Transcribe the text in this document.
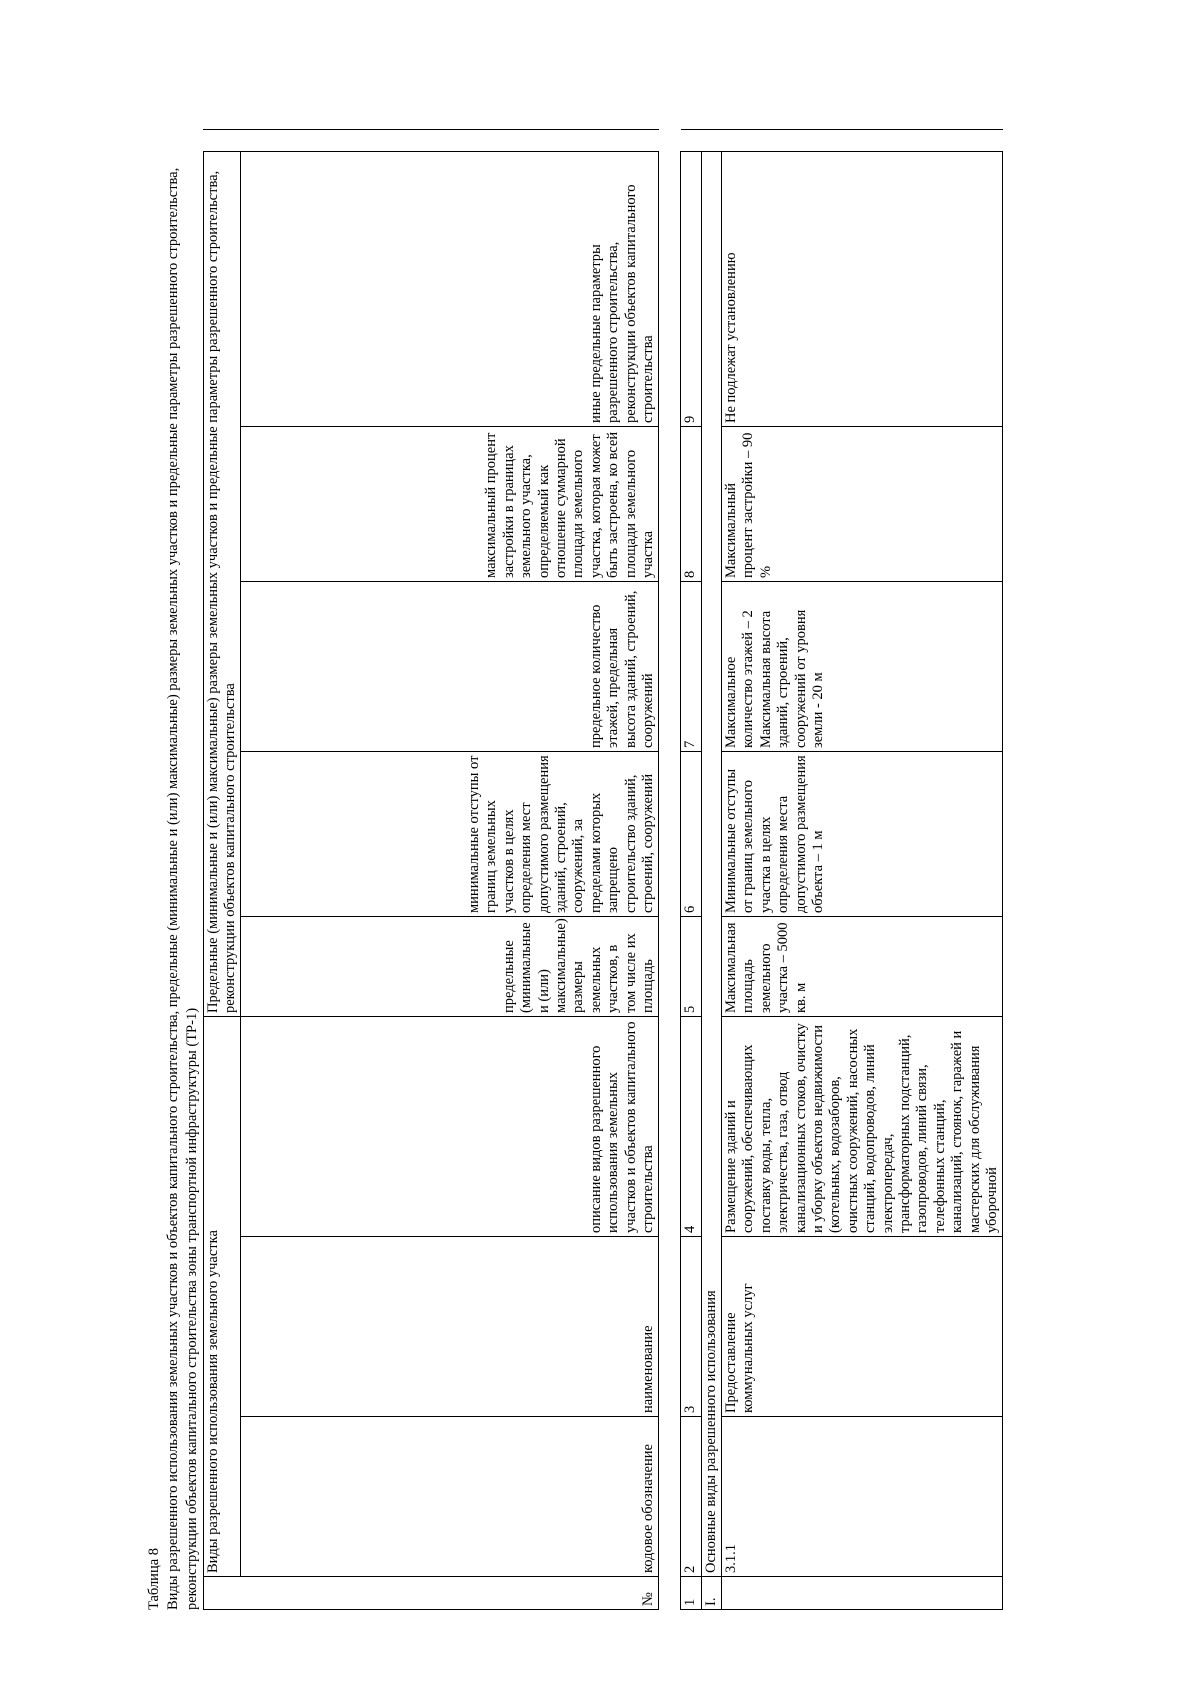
Таблица 8 Виды разрешенного использования земельных участков и объектов капитального строительства, предельные (минимальные и (или) максимальные) размеры земельных участков и предельные параметры разрешенного строительства, реконструкции объектов капитального строительства зоны транспортной инфраструктуры (ТР-1)	№	Виды разрешенного использования земельного участка			Предельные (минимальные и (или) максимальные) размеры земельных участков и предельные параметры разрешенного строительства, реконструкции объектов капитального строительства					
	кодовое обозначение	наименование	описание видов разрешенного использования земельных участков и объектов капитального строительства	предельные (минимальные и (или) максимальные) размеры земельных участков, в том числе их площадь	минимальные отступы от границ земельных участков в целях определения мест допустимого размещения зданий, строений, сооружений, за пределами которых запрещено строительство зданий, строений, сооружений	предельное количество этажей, предельная высота зданий, строений, сооружений	максимальный процент застройки в границах земельного участка, определяемый как отношение суммарной площади земельного участка, которая может быть застроена, ко всей площади земельного участка	иные предельные параметры разрешенного строительства, реконструкции объектов капитального строительства	

1	2	3	4	5	6	7	8	9	
I.	Основные виды разрешенного использования								
	3.1.1	Предоставление коммунальных услуг	Размещение зданий и сооружений, обеспечивающих поставку воды, тепла, электричества, газа, отвод канализационных стоков, очистку и уборку объектов недвижимости (котельных, водозаборов, очистных сооружений, насосных станций, водопроводов, линий электропередач, трансформаторных подстанций, газопроводов, линий связи, телефонных станций, канализаций, стоянок, гаражей и мастерских для обслуживания уборочной	Максимальная площадь земельного участка – 5000 кв. м	Минимальные отступы от границ земельного участка в целях определения места допустимого размещения объекта – 1 м	Максимальное количество этажей – 2 Максимальная высота зданий, строений, сооружений от уровня земли - 20 м	Максимальный процент застройки – 90 %	Не подлежат установлению	
